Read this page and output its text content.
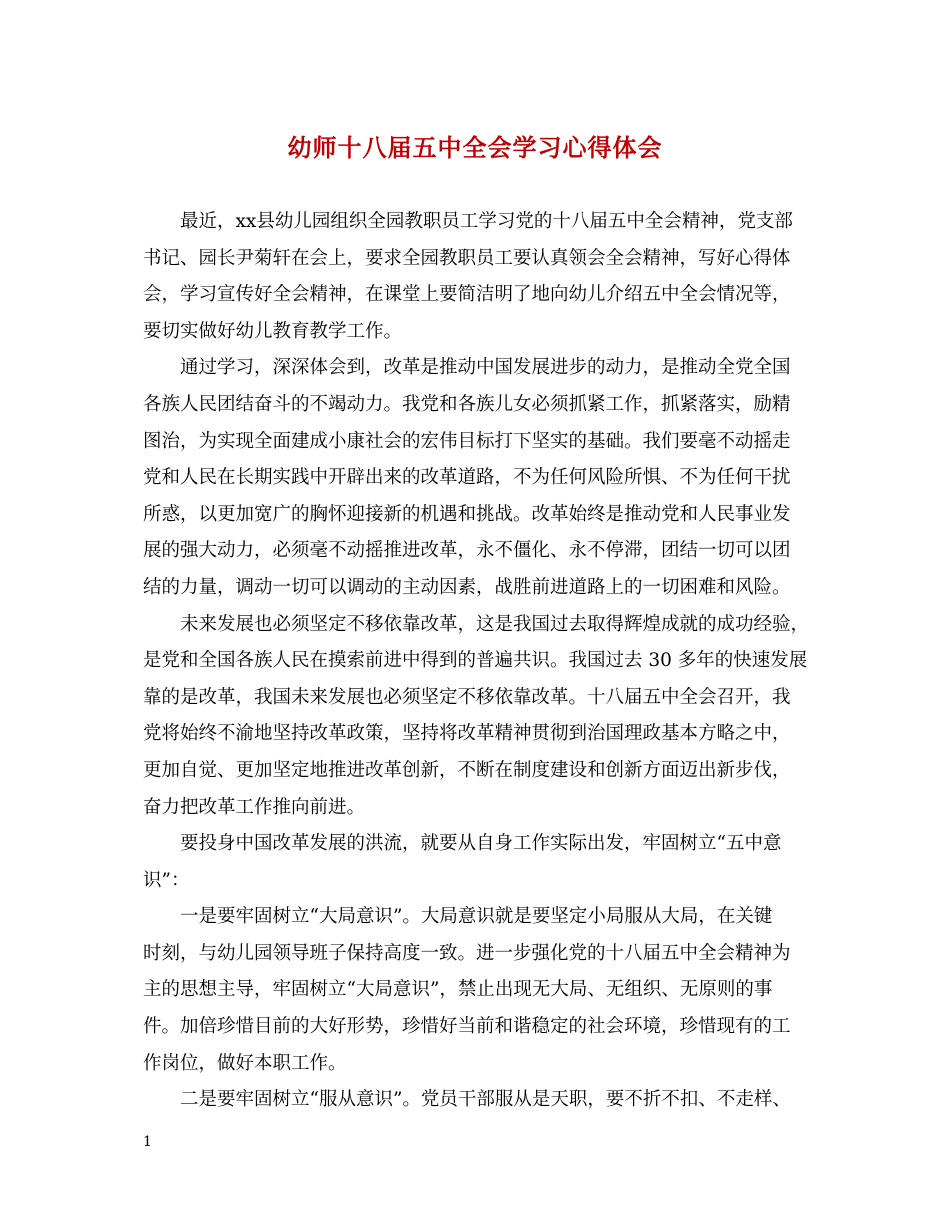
幼师十八届五中全会学习心得体会
最近，xx县幼儿园组织全园教职员工学习党的十八届五中全会精神，党支部
书记、园长尹菊轩在会上，要求全园教职员工要认真领会全会精神，写好心得体
会，学习宣传好全会精神，在课堂上要简洁明了地向幼儿介绍五中全会情况等，
要切实做好幼儿教育教学工作。
通过学习，深深体会到，改革是推动中国发展进步的动力，是推动全党全国
各族人民团结奋斗的不竭动力。我党和各族儿女必须抓紧工作，抓紧落实，励精
图治，为实现全面建成小康社会的宏伟目标打下坚实的基础。我们要毫不动摇走
党和人民在长期实践中开辟出来的改革道路，不为任何风险所惧、不为任何干扰
所惑，以更加宽广的胸怀迎接新的机遇和挑战。改革始终是推动党和人民事业发
展的强大动力，必须毫不动摇推进改革，永不僵化、永不停滞，团结一切可以团
结的力量，调动一切可以调动的主动因素，战胜前进道路上的一切困难和风险。
未来发展也必须坚定不移依靠改革，这是我国过去取得辉煌成就的成功经验，
是党和全国各族人民在摸索前进中得到的普遍共识。我国过去 30 多年的快速发展
靠的是改革，我国未来发展也必须坚定不移依靠改革。十八届五中全会召开，我
党将始终不渝地坚持改革政策，坚持将改革精神贯彻到治国理政基本方略之中，
更加自觉、更加坚定地推进改革创新，不断在制度建设和创新方面迈出新步伐，
奋力把改革工作推向前进。
要投身中国改革发展的洪流，就要从自身工作实际出发，牢固树立“五中意
识”：
一是要牢固树立“大局意识”。大局意识就是要坚定小局服从大局，在关键
时刻，与幼儿园领导班子保持高度一致。进一步强化党的十八届五中全会精神为
主的思想主导，牢固树立“大局意识”，禁止出现无大局、无组织、无原则的事
件。加倍珍惜目前的大好形势，珍惜好当前和谐稳定的社会环境，珍惜现有的工
作岗位，做好本职工作。
二是要牢固树立“服从意识”。党员干部服从是天职，要不折不扣、不走样、
1
